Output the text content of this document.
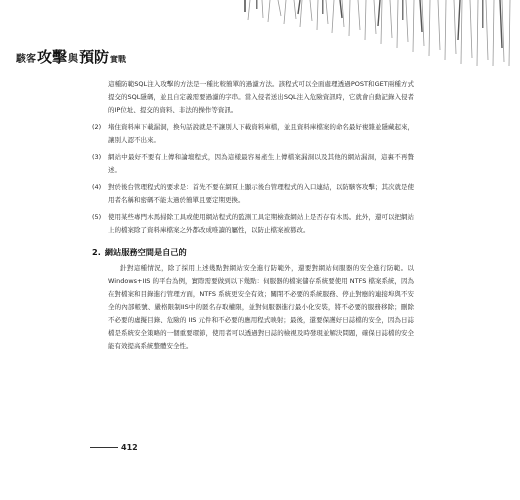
駭客 攻擊 與 預防 實戰

這種防範SQL注入攻擊的方法是一種比較簡單的過濾方法。該程式可以全面處理透過POST和GET兩種方式提交的SQL隱碼，並且自定義需要過濾的字串。當入侵者送出SQL注入危險資訊時，它就會自動記錄入侵者的IP位址、提交的資料、非法的操作等資訊。

(2)	堵住資料庫下載漏洞，換句話說就是不讓別人下載資料庫檔，並且資料庫檔案的命名最好複雜並隱藏起來，讓別人認不出來。
(3)	網站中最好不要有上傳和論壇程式，因為這樣最容易產生上傳檔案漏洞以及其他的網站漏洞，這裏不再贅述。
(4)	對於後台管理程式的要求是：首先不要在網頁上顯示後台管理程式的入口連結，以防駭客攻擊；其次就是使用者名稱和密碼不能太過於簡單且要定期更換。
(5)	使用某些專門木馬掃除工具或使用網站程式的監測工具定期檢查網站上是否存有木馬。此外，還可以把網站上的檔案除了資料庫檔案之外都改成唯讀的屬性，以防止檔案被篡改。
2. 網站服務空間是自己的

針對這種情況，除了採用上述幾點對網站安全進行防範外，還要對網站伺服器的安全進行防範。以 Windows+IIS 的平台為例，實際需要做到以下幾點：伺服器的檔案儲存系統要使用 NTFS 檔案系統，因為在對檔案和目錄進行管理方面，NTFS 系統更安全有效；關閉不必要的系統服務、停止對應的連接埠與不安全的內部帳號、嚴格限制IIS中的匿名存取權限，並對伺服器進行最小化安裝，將不必要的服務移除；刪除不必要的虛擬目錄、危險的 IIS 元件和不必要的應用程式映射；最後，還要保護好日誌檔的安全，因為日誌檔是系統安全策略的一個重要環節，使用者可以透過對日誌的檢視及時發現並解決問題，確保日誌檔的安全能有效提高系統整體安全性。

412
